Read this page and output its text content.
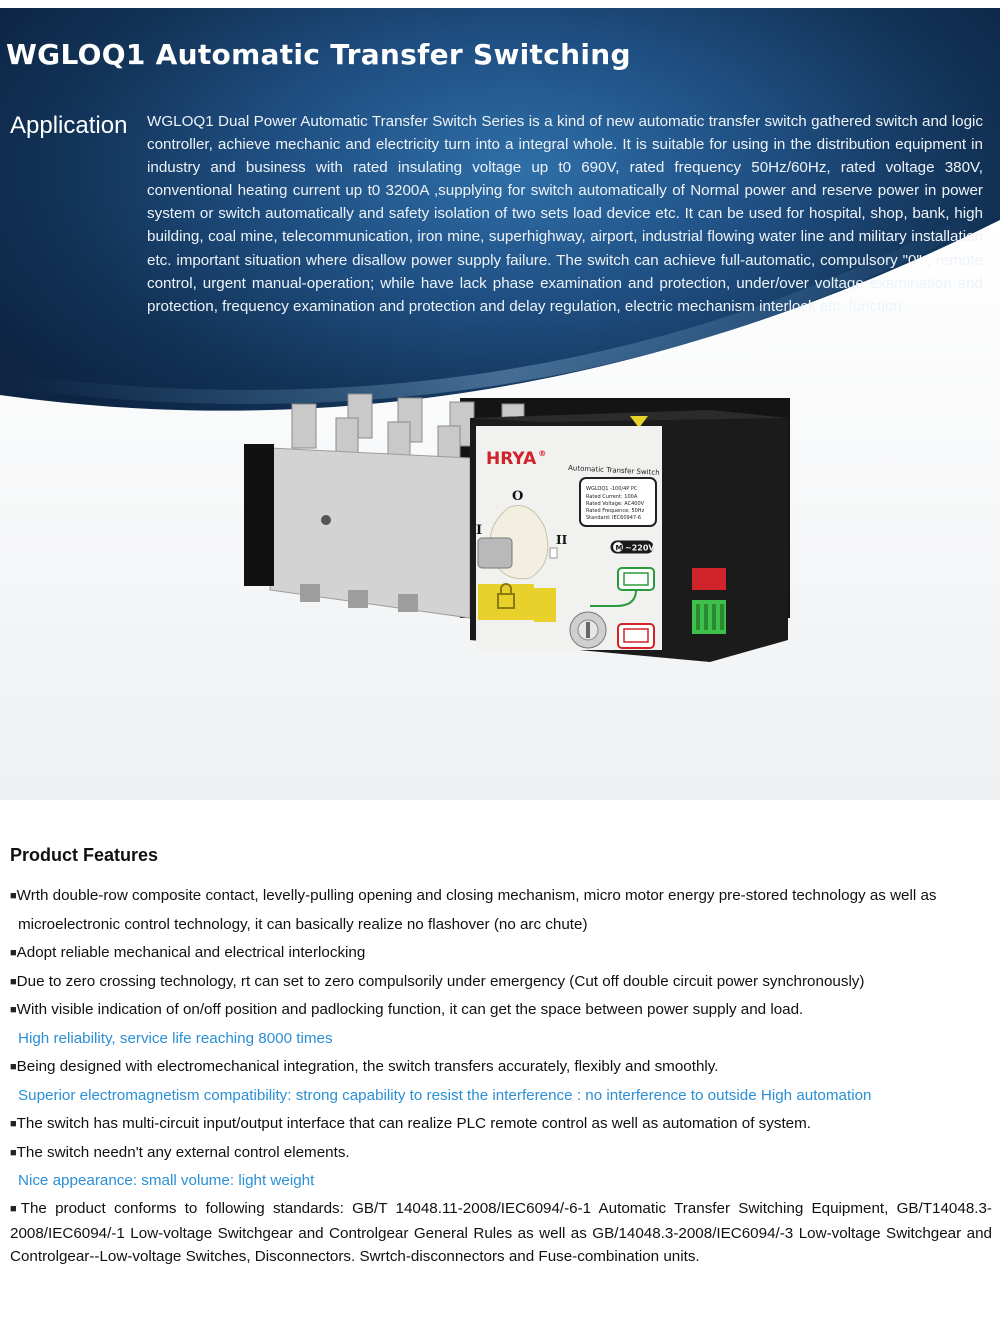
WGLOQ1 Automatic Transfer Switching
Application WGLOQ1 Dual Power Automatic Transfer Switch Series is a kind of new automatic transfer switch gathered switch and logic controller, achieve mechanic and electricity turn into a integral whole. It is suitable for using in the distribution equipment in industry and business with rated insulating voltage up t0 690V, rated frequency 50Hz/60Hz, rated voltage 380V, conventional heating current up t0 3200A ,supplying for switch automatically of Normal power and reserve power in power system or switch automatically and safety isolation of two sets load device etc. It can be used for hospital, shop, bank, high building, coal mine, telecommunication, iron mine, superhighway, airport, industrial flowing water line and military installation etc. important situation where disallow power supply failure. The switch can achieve full-automatic, compulsory "0" , remote control, urgent manual-operation; while have lack phase examination and protection, under/over voltage examination and protection, frequency examination and protection and delay regulation, electric mechanism interlock etc. function

HRYA ®
Automatic Transfer Switch
WGLOQ1 -100/4P PC
Rated Current: 100A
Rated Voltage: AC400V
Rated Frequence: 50Hz
Standard: IEC60947-6
O
I
II
M ~220V
Product Features
■Wrth double-row composite contact, levelly-pulling opening and closing mechanism, micro motor energy pre-stored technology as well as
microelectronic control technology, it can basically realize no flashover (no arc chute)
■Adopt reliable mechanical and electrical interlocking
■Due to zero crossing technology, rt can set to zero compulsorily under emergency (Cut off double circuit power synchronously)
■With visible indication of on/off position and padlocking function, it can get the space between power supply and load.
High reliability, service life reaching 8000 times
■Being designed with electromechanical integration, the switch transfers accurately, flexibly and smoothly.
Superior electromagnetism compatibility: strong capability to resist the interference : no interference to outside High automation
■The switch has multi-circuit input/output interface that can realize PLC remote control as well as automation of system.
■The switch needn't any external control elements.
Nice appearance: small volume: light weight

■The product conforms to following standards: GB/T 14048.11-2008/IEC6094/-6-1 Automatic Transfer Switching Equipment, GB/T14048.3-2008/IEC6094/-1 Low-voltage Switchgear and Controlgear General Rules as well as GB/14048.3-2008/IEC6094/-3 Low-voltage Switchgear and Controlgear--Low-voltage Switches, Disconnectors. Swrtch-disconnectors and Fuse-combination units.
